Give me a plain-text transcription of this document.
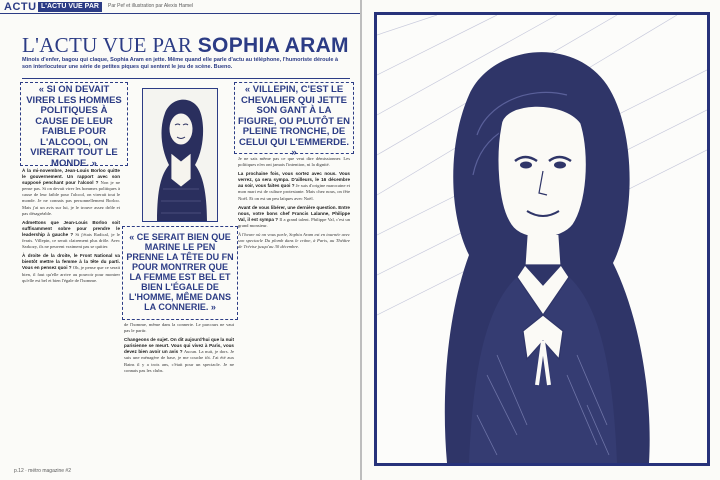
ACTU L'ACTU VUE PAR	Par Pef et illustration par Alexis Hamel
L'ACTU VUE PAR SOPHIA ARAM
Minois d'enfer, bagou qui claque, Sophia Aram en jette. Même quand elle parle d'actu au téléphone, l'humoriste déroule à son interlocuteur une série de petites piques qui sentent le jeu de scène. Bueno.
« SI ON DEVAIT VIRER LES HOMMES POLITIQUES À CAUSE DE LEUR FAIBLE POUR L'ALCOOL, ON VIRERAIT TOUT LE MONDE. »
« VILLEPIN, C'EST LE CHEVALIER QUI JETTE SON GANT À LA FIGURE, OU PLUTÔT EN PLEINE TRONCHE, DE CELUI QUI L'EMMERDE. »
« CE SERAIT BIEN QUE MARINE LE PEN PRENNE LA TÊTE DU FN POUR MONTRER QUE LA FEMME EST BEL ET BIEN L'ÉGALE DE L'HOMME, MÊME DANS LA CONNERIE. »

À la mi-novembre, Jean-Louis Borloo quitte le gouvernement. Un rapport avec son supposé penchant pour l'alcool ? Non je ne pense pas. Si on devait virer les hommes politiques à cause de leur faible pour l'alcool, on virerait tout le monde. Je ne connais pas personnellement Borloo. Mais j'ai un avis sur lui, je le trouve assez drôle et pas désagréable.

Admettons que Jean-Louis Borloo soit suffisamment sobre pour prendre le leadership à gauche ? Si j'étais Radical, je le ferais. Villepin, ce serait clairement plus drôle. Avec Sarkozy, ils ne peuvent vraiment pas se quitter.

À droite de la droite, le Front National va bientôt mettre la femme à la tête du parti. Vous en pensez quoi ? Oh, je pense que ce serait bien, il faut qu'elle arrive au pouvoir pour montrer qu'elle est bel et bien l'égale de l'homme.

de l'homme, même dans la connerie. Le parcours ne vaut pas le partir.

Changeons de sujet. On dit aujourd'hui que la nuit parisienne se meurt. Vous qui vivez à Paris, vous devez bien avoir un avis ? Aucun. La nuit, je dors. Je suis une ménagère de base, je me couche tôt. J'ai été aux Bains il y a trois ans, c'était pour un spectacle. Je ne connais pas les clubs.

Je ne sais même pas ce que veut dire démissionner. Les politiques n'en ont jamais l'intention, ni la dignité.

La prochaine fois, vous sortez avec nous. Vous verrez, ça sera sympa. D'ailleurs, le 16 décembre au soir, vous faites quoi ? Je suis d'origine marocaine et mon mari est de culture protestante. Mais chez nous, on fête Noël. Et on est un peu laïques avec Noël.

Avant de vous libérer, une dernière question. Entre nous, votre bons chef Francis Lalanne, Philippe Val, il est sympa ? Il a grand talent. Philippe Val, c'est un grand monsieur.

À l'heure où on vous parle, Sophia Aram est en tournée avec son spectacle Du plomb dans le crâne, à Paris, au Théâtre de Trévise jusqu'au 30 décembre.

p.12 · métro magazine #2
